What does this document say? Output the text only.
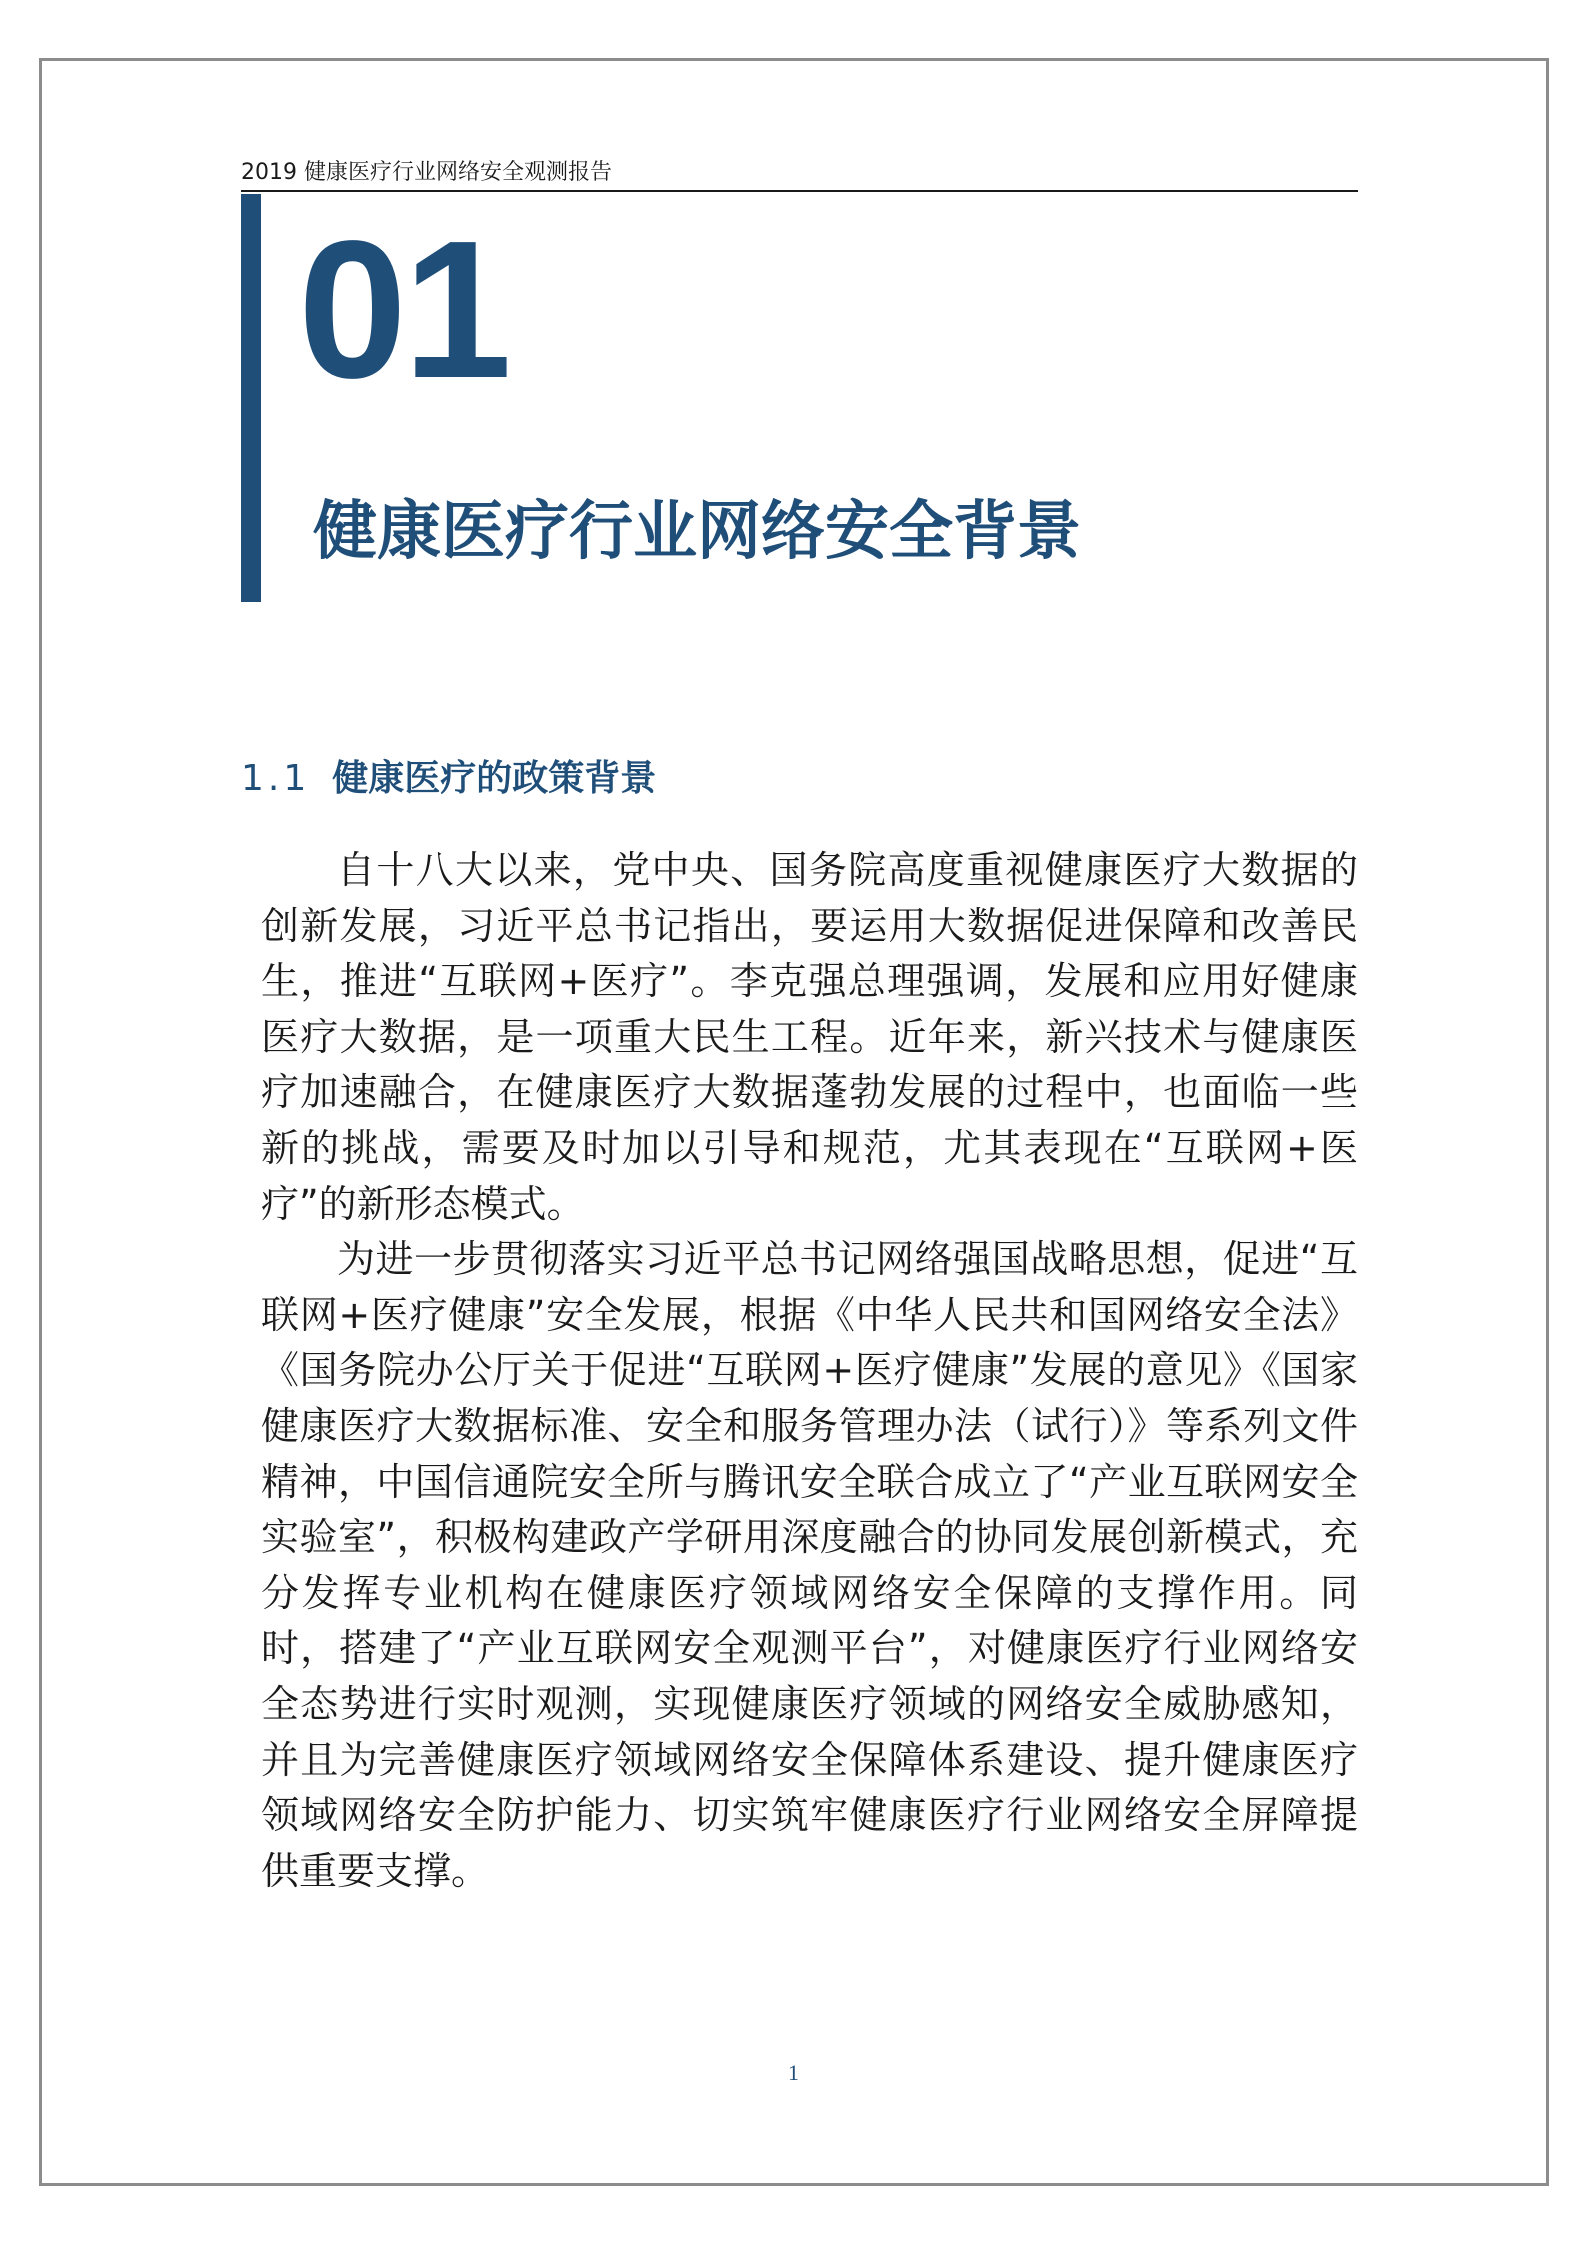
2019 健康医疗行业网络安全观测报告
01
健康医疗行业网络安全背景
1.1 健康医疗的政策背景

自十八大以来，党中央、国务院高度重视健康医疗大数据的创新发展，习近平总书记指出，要运用大数据促进保障和改善民生，推进“互联网+医疗”。李克强总理强调，发展和应用好健康医疗大数据，是一项重大民生工程。近年来，新兴技术与健康医疗加速融合，在健康医疗大数据蓬勃发展的过程中，也面临一些新的挑战，需要及时加以引导和规范，尤其表现在“互联网+医疗”的新形态模式。

为进一步贯彻落实习近平总书记网络强国战略思想，促进“互联网+医疗健康”安全发展，根据《中华人民共和国网络安全法》《国务院办公厅关于促进“互联网+医疗健康”发展的意见》《国家健康医疗大数据标准、安全和服务管理办法（试行）》等系列文件精神，中国信通院安全所与腾讯安全联合成立了“产业互联网安全实验室”，积极构建政产学研用深度融合的协同发展创新模式，充分发挥专业机构在健康医疗领域网络安全保障的支撑作用。同时，搭建了“产业互联网安全观测平台”，对健康医疗行业网络安全态势进行实时观测，实现健康医疗领域的网络安全威胁感知，并且为完善健康医疗领域网络安全保障体系建设、提升健康医疗领域网络安全防护能力、切实筑牢健康医疗行业网络安全屏障提供重要支撑。

1
